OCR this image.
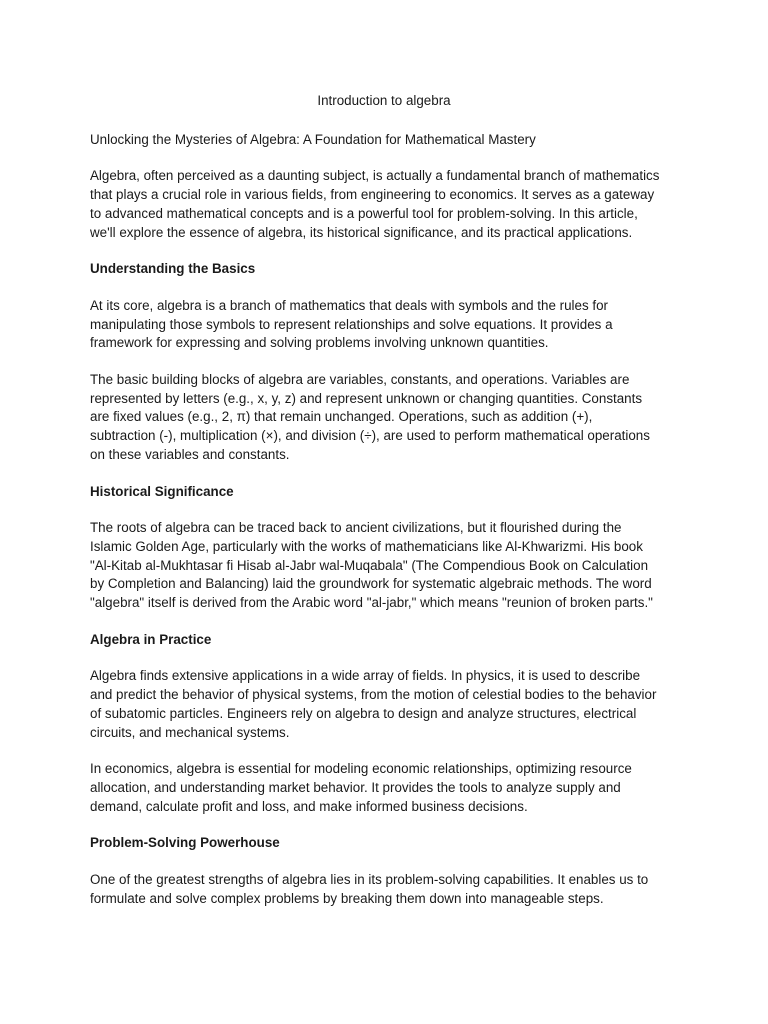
Introduction to algebra

Unlocking the Mysteries of Algebra: A Foundation for Mathematical Mastery

Algebra, often perceived as a daunting subject, is actually a fundamental branch of mathematics
that plays a crucial role in various fields, from engineering to economics. It serves as a gateway
to advanced mathematical concepts and is a powerful tool for problem-solving. In this article,
we'll explore the essence of algebra, its historical significance, and its practical applications.

Understanding the Basics

At its core, algebra is a branch of mathematics that deals with symbols and the rules for
manipulating those symbols to represent relationships and solve equations. It provides a
framework for expressing and solving problems involving unknown quantities.

The basic building blocks of algebra are variables, constants, and operations. Variables are
represented by letters (e.g., x, y, z) and represent unknown or changing quantities. Constants
are fixed values (e.g., 2, π) that remain unchanged. Operations, such as addition (+),
subtraction (-), multiplication (×), and division (÷), are used to perform mathematical operations
on these variables and constants.

Historical Significance

The roots of algebra can be traced back to ancient civilizations, but it flourished during the
Islamic Golden Age, particularly with the works of mathematicians like Al-Khwarizmi. His book
"Al-Kitab al-Mukhtasar fi Hisab al-Jabr wal-Muqabala" (The Compendious Book on Calculation
by Completion and Balancing) laid the groundwork for systematic algebraic methods. The word
"algebra" itself is derived from the Arabic word "al-jabr," which means "reunion of broken parts."

Algebra in Practice

Algebra finds extensive applications in a wide array of fields. In physics, it is used to describe
and predict the behavior of physical systems, from the motion of celestial bodies to the behavior
of subatomic particles. Engineers rely on algebra to design and analyze structures, electrical
circuits, and mechanical systems.

In economics, algebra is essential for modeling economic relationships, optimizing resource
allocation, and understanding market behavior. It provides the tools to analyze supply and
demand, calculate profit and loss, and make informed business decisions.

Problem-Solving Powerhouse

One of the greatest strengths of algebra lies in its problem-solving capabilities. It enables us to
formulate and solve complex problems by breaking them down into manageable steps.
